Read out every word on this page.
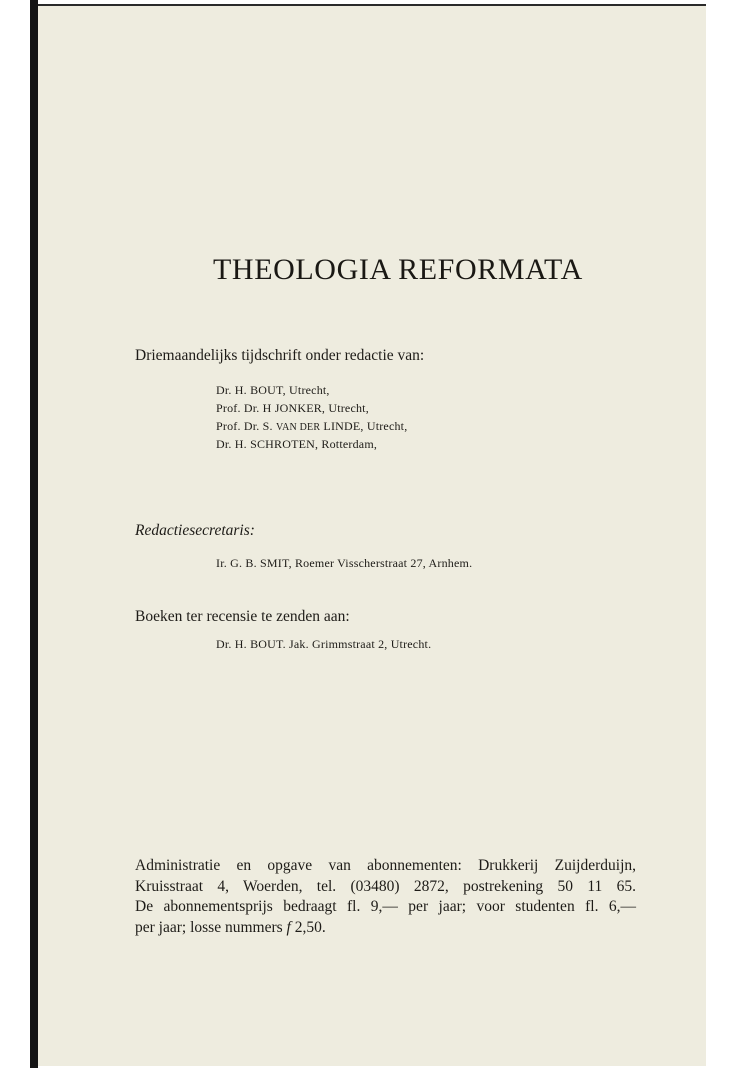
THEOLOGIA REFORMATA

Driemaandelijks tijdschrift onder redactie van:

Dr. H. BOUT, Utrecht,

Prof. Dr. H JONKER, Utrecht,

Prof. Dr. S. VAN DER LINDE, Utrecht,

Dr. H. SCHROTEN, Rotterdam,

Redactiesecretaris:

Ir. G. B. SMIT, Roemer Visscherstraat 27, Arnhem.

Boeken ter recensie te zenden aan:

Dr. H. BOUT. Jak. Grimmstraat 2, Utrecht.

Administratie en opgave van abonnementen: Drukkerij Zuijderduijn,
Kruisstraat 4, Woerden, tel. (03480) 2872, postrekening 50 11 65.
De abonnementsprijs bedraagt fl. 9,— per jaar; voor studenten fl. 6,—
per jaar; losse nummers f 2,50.
